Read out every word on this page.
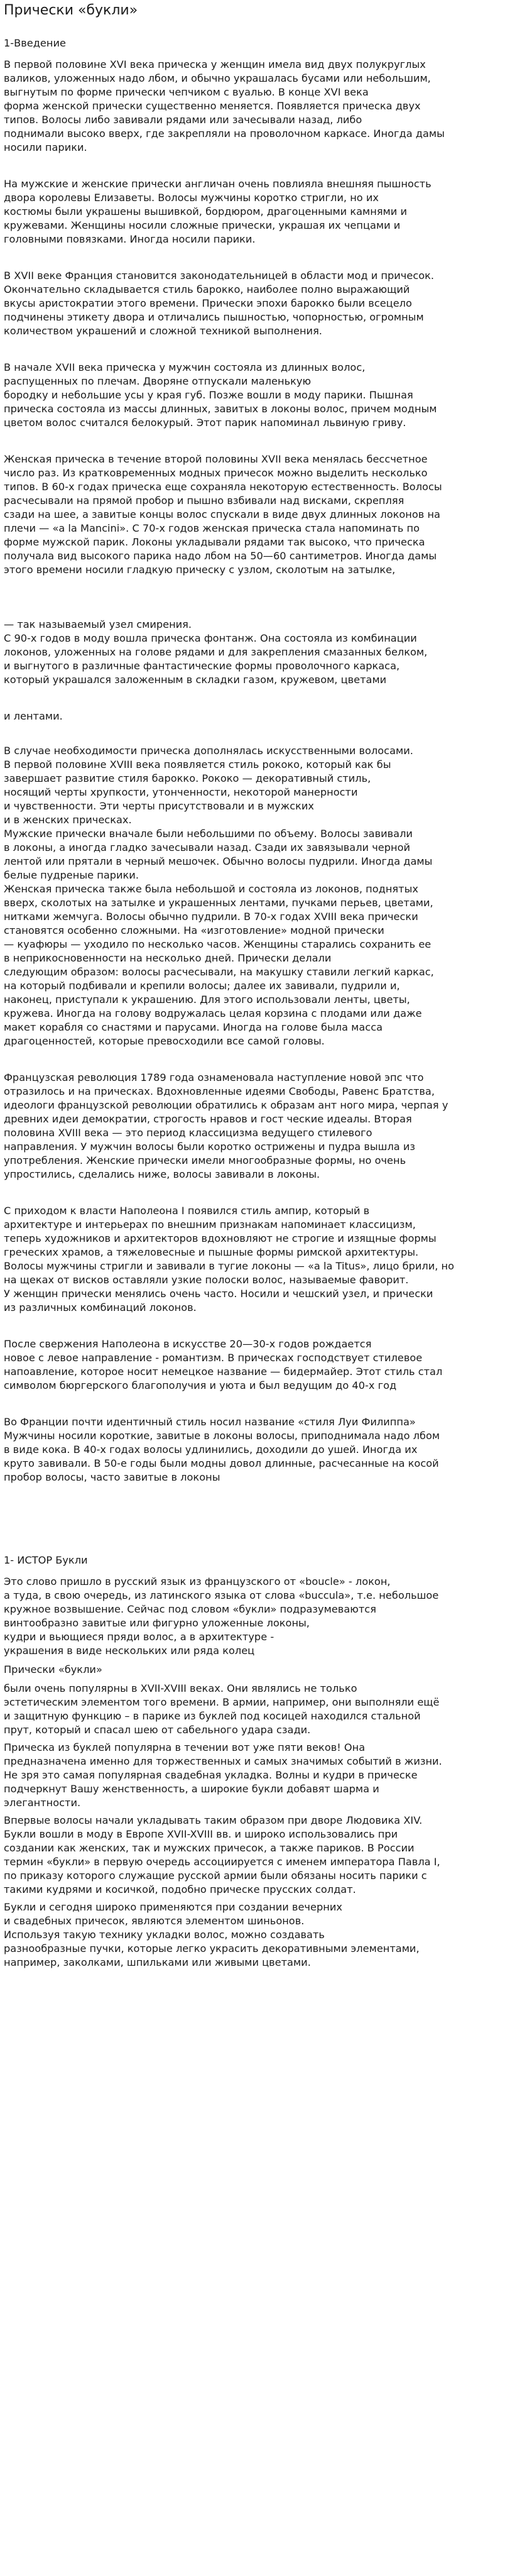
Прически «букли»

1-Введение

В первой половине XVI века прическа у женщин имела вид двух полукруглых

валиков, уложенных надо лбом, и обычно украшалась бусами или небольшим,

выгнутым по форме прически чепчиком с вуалью. В конце XVI века

форма женской прически существенно меняется. Появляется прическа двух

типов. Волосы либо завивали рядами или зачесывали назад, либо

поднимали высоко вверх, где закрепляли на проволочном каркасе. Иногда дамы

носили парики.

На мужские и женские прически англичан очень повлияла внешняя пышность

двора королевы Елизаветы. Волосы мужчины коротко стригли, но их

костюмы были украшены вышивкой, бордюром, драгоценными камнями и

кружевами. Женщины носили сложные прически, украшая их чепцами и

головными повязками. Иногда носили парики.

В XVII веке Франция становится законодательницей в области мод и причесок.

Окончательно складывается стиль барокко, наиболее полно выражающий

вкусы аристократии этого времени. Прически эпохи барокко были всецело

подчинены этикету двора и отличались пышностью, чопорностью, огромным

количеством украшений и сложной техникой выполнения.

В начале XVII века прическа у мужчин состояла из длинных волос,

распущенных по плечам. Дворяне отпускали маленькую

бородку и небольшие усы у края губ. Позже вошли в моду парики. Пышная

прическа состояла из массы длинных, завитых в локоны волос, причем модным

цветом волос считался белокурый. Этот парик напоминал львиную гриву.

Женская прическа в течение второй половины XVII века менялась бессчетное

число раз. Из кратковременных модных причесок можно выделить несколько

типов. В 60-х годах прическа еще сохраняла некоторую естественность. Волосы

расчесывали на прямой пробор и пышно взбивали над висками, скрепляя

сзади на шее, а завитые концы волос спускали в виде двух длинных локонов на

плечи — «а la Mancini». С 70-х годов женская прическа стала напоминать по

форме мужской парик. Локоны укладывали рядами так высоко, что прическа

получала вид высокого парика надо лбом на 50—60 сантиметров. Иногда дамы

этого времени носили гладкую прическу с узлом, сколотым на затылке,

— так называемый узел смирения.

С 90-х годов в моду вошла прическа фонтанж. Она состояла из комбинации

локонов, уложенных на голове рядами и для закрепления смазанных белком,

и выгнутого в различные фантастические формы проволочного каркаса,

который украшался заложенным в складки газом, кружевом, цветами

и лентами.

В случае необходимости прическа дополнялась искусственными волосами.

В первой половине XVIII века появляется стиль рококо, который как бы

завершает развитие стиля барокко. Рококо — декоративный стиль,

носящий черты хрупкости, утонченности, некоторой манерности

и чувственности. Эти черты присутствовали и в мужских

и в женских прическах.

Мужские прически вначале были небольшими по объему. Волосы завивали

в локоны, а иногда гладко зачесывали назад. Сзади их завязывали черной

лентой или прятали в черный мешочек. Обычно волосы пудрили. Иногда дамы

белые пудреные парики.

Женская прическа также была небольшой и состояла из локонов, поднятых

вверх, сколотых на затылке и украшенных лентами, пучками перьев, цветами,

нитками жемчуга. Волосы обычно пудрили. В 70-х годах XVIII века прически

становятся особенно сложными. На «изготовление» модной прически

— куафюры — уходило по несколько часов. Женщины старались сохранить ее

в неприкосновенности на несколько дней. Прически делали

следующим образом: волосы расчесывали, на макушку ставили легкий каркас,

на который подбивали и крепили волосы; далее их завивали, пудрили и,

наконец, приступали к украшению. Для этого использовали ленты, цветы,

кружева. Иногда на голову водружалась целая корзина с плодами или даже

макет корабля со снастями и парусами. Иногда на голове была масса

драгоценностей, которые превосходили все самой головы.

Французская революция 1789 года ознаменовала наступление новой эпс что

отразилось и на прическах. Вдохновленные идеями Свободы, Равенс Братства,

идеологи французской революции обратились к образам ант ного мира, черпая у

древних идеи демократии, строгость нравов и гост ческие идеалы. Вторая

половина XVIII века — это период классицизма ведущего стилевого

направления. У мужчин волосы были коротко острижены и пудра вышла из

употребления. Женские прически имели многообразные формы, но очень

упростились, сделались ниже, волосы завивали в локоны.

С приходом к власти Наполеона I появился стиль ампир, который в

архитектуре и интерьерах по внешним признакам напоминает классицизм,

теперь художников и архитекторов вдохновляют не строгие и изящные формы

греческих храмов, а тяжеловесные и пышные формы римской архитектуры.

Волосы мужчины стригли и завивали в тугие локоны — «а la Titus», лицо брили, но

на щеках от висков оставляли узкие полоски волос, называемые фаворит.

У женщин прически менялись очень часто. Носили и чешский узел, и прически

из различных комбинаций локонов.

После свержения Наполеона в искусстве 20—30-х годов рождается

новое с левое направление - романтизм. В прическах господствует стилевое

напоавление, которое носит немецкое название — бидермайер. Этот стиль стал

символом бюргерского благополучия и уюта и был ведущим до 40-х год

Во Франции почти идентичный стиль носил название «стиля Луи Филиппа»

Мужчины носили короткие, завитые в локоны волосы, приподнимала надо лбом

в виде кока. В 40-х годах волосы удлинились, доходили до ушей. Иногда их

круто завивали. В 50-е годы были модны довол длинные, расчесанные на косой

пробор волосы, часто завитые в локоны

1- ИСТОР Букли

Это слово пришло в русский язык из французского от «boucle» - локон,

а туда, в свою очередь, из латинского языка от слова «buccula», т.е. небольшое

кружное возвышение. Сейчас под словом «букли» подразумеваются

винтообразно завитые или фигурно уложенные локоны,

кудри и вьющиеся пряди волос, а в архитектуре -

украшения в виде нескольких или ряда колец

Прически «букли»

были очень популярны в XVII-XVIII веках. Они являлись не только

эстетическим элементом того времени. В армии, например, они выполняли ещё

и защитную функцию – в парике из буклей под косицей находился стальной

прут, который и спасал шею от сабельного удара сзади.

Прическа из буклей популярна в течении вот уже пяти веков! Она

предназначена именно для торжественных и самых значимых событий в жизни.

Не зря это самая популярная свадебная укладка. Волны и кудри в прическе

подчеркнут Вашу женственность, а широкие букли добавят шарма и

элегантности.

Впервые волосы начали укладывать таким образом при дворе Людовика XIV.

Букли вошли в моду в Европе XVII-XVIII вв. и широко использовались при

создании как женских, так и мужских причесок, а также париков. В России

термин «букли» в первую очередь ассоциируется с именем императора Павла I,

по приказу которого служащие русской армии были обязаны носить парики с

такими кудрями и косичкой, подобно прическе прусских солдат.

Букли и сегодня широко применяются при создании вечерних

и свадебных причесок, являются элементом шиньонов.

Используя такую технику укладки волос, можно создавать

разнообразные пучки, которые легко украсить декоративными элементами,

например, заколками, шпильками или живыми цветами.
